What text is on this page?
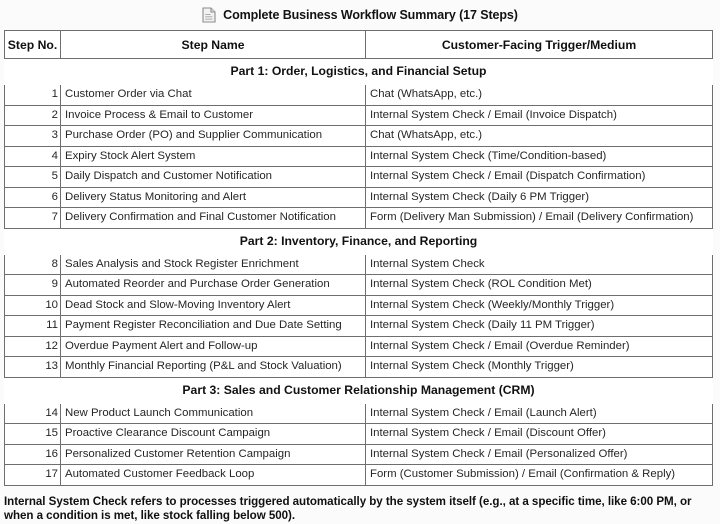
Complete Business Workflow Summary (17 Steps)
Step No.	Step Name	Customer-Facing Trigger/Medium
Part 1: Order, Logistics, and Financial Setup		
1	Customer Order via Chat	Chat (WhatsApp, etc.)
2	Invoice Process & Email to Customer	Internal System Check / Email (Invoice Dispatch)
3	Purchase Order (PO) and Supplier Communication	Chat (WhatsApp, etc.)
4	Expiry Stock Alert System	Internal System Check (Time/Condition-based)
5	Daily Dispatch and Customer Notification	Internal System Check / Email (Dispatch Confirmation)
6	Delivery Status Monitoring and Alert	Internal System Check (Daily 6 PM Trigger)
7	Delivery Confirmation and Final Customer Notification	Form (Delivery Man Submission) / Email (Delivery Confirmation)
Part 2: Inventory, Finance, and Reporting		
8	Sales Analysis and Stock Register Enrichment	Internal System Check
9	Automated Reorder and Purchase Order Generation	Internal System Check (ROL Condition Met)
10	Dead Stock and Slow-Moving Inventory Alert	Internal System Check (Weekly/Monthly Trigger)
11	Payment Register Reconciliation and Due Date Setting	Internal System Check (Daily 11 PM Trigger)
12	Overdue Payment Alert and Follow-up	Internal System Check / Email (Overdue Reminder)
13	Monthly Financial Reporting (P&L and Stock Valuation)	Internal System Check (Monthly Trigger)
Part 3: Sales and Customer Relationship Management (CRM)		
14	New Product Launch Communication	Internal System Check / Email (Launch Alert)
15	Proactive Clearance Discount Campaign	Internal System Check / Email (Discount Offer)
16	Personalized Customer Retention Campaign	Internal System Check / Email (Personalized Offer)
17	Automated Customer Feedback Loop	Form (Customer Submission) / Email (Confirmation & Reply)
Internal System Check refers to processes triggered automatically by the system itself (e.g., at a specific time, like 6:00 PM, or when a condition is met, like stock falling below 500).
